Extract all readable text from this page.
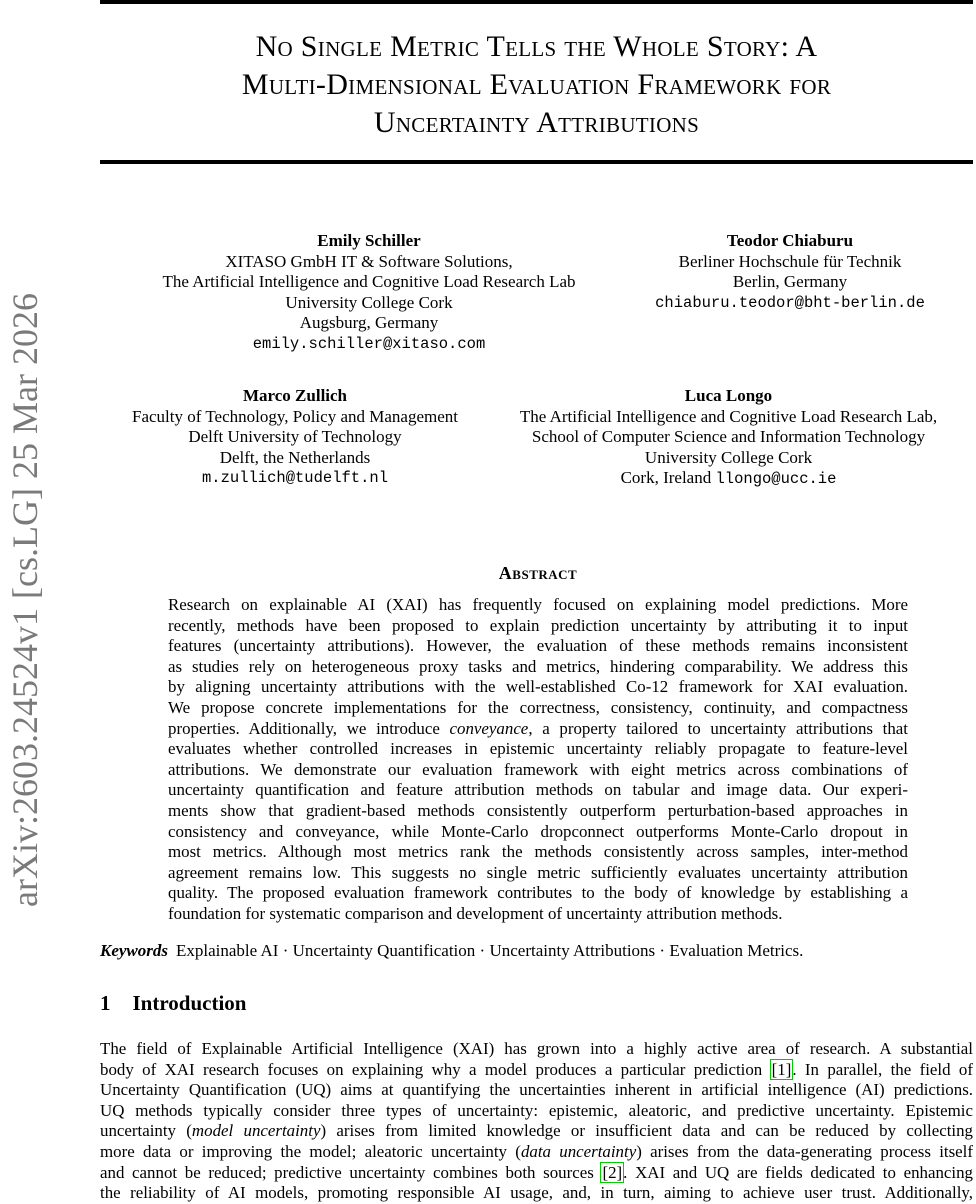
arXiv:2603.24524v1 [cs.LG] 25 Mar 2026
No Single Metric Tells the Whole Story: A
Multi-Dimensional Evaluation Framework for
Uncertainty Attributions
Emily Schiller
XITASO GmbH IT & Software Solutions,
The Artificial Intelligence and Cognitive Load Research Lab
University College Cork
Augsburg, Germany
emily.schiller@xitaso.com
Teodor Chiaburu
Berliner Hochschule für Technik
Berlin, Germany
chiaburu.teodor@bht-berlin.de
Marco Zullich
Faculty of Technology, Policy and Management
Delft University of Technology
Delft, the Netherlands
m.zullich@tudelft.nl
Luca Longo
The Artificial Intelligence and Cognitive Load Research Lab,
School of Computer Science and Information Technology
University College Cork
Cork, Ireland llongo@ucc.ie
Abstract
Research on explainable AI (XAI) has frequently focused on explaining model predictions. More
recently, methods have been proposed to explain prediction uncertainty by attributing it to input
features (uncertainty attributions). However, the evaluation of these methods remains inconsistent
as studies rely on heterogeneous proxy tasks and metrics, hindering comparability. We address this
by aligning uncertainty attributions with the well-established Co-12 framework for XAI evaluation.
We propose concrete implementations for the correctness, consistency, continuity, and compactness
properties. Additionally, we introduce conveyance, a property tailored to uncertainty attributions that
evaluates whether controlled increases in epistemic uncertainty reliably propagate to feature-level
attributions. We demonstrate our evaluation framework with eight metrics across combinations of
uncertainty quantification and feature attribution methods on tabular and image data. Our experi-
ments show that gradient-based methods consistently outperform perturbation-based approaches in
consistency and conveyance, while Monte-Carlo dropconnect outperforms Monte-Carlo dropout in
most metrics. Although most metrics rank the methods consistently across samples, inter-method
agreement remains low. This suggests no single metric sufficiently evaluates uncertainty attribution
quality. The proposed evaluation framework contributes to the body of knowledge by establishing a
foundation for systematic comparison and development of uncertainty attribution methods.
Keywords Explainable AI · Uncertainty Quantification · Uncertainty Attributions · Evaluation Metrics.
1 Introduction
The field of Explainable Artificial Intelligence (XAI) has grown into a highly active area of research. A substantial
body of XAI research focuses on explaining why a model produces a particular prediction [1]. In parallel, the field of
Uncertainty Quantification (UQ) aims at quantifying the uncertainties inherent in artificial intelligence (AI) predictions.
UQ methods typically consider three types of uncertainty: epistemic, aleatoric, and predictive uncertainty. Epistemic
uncertainty (model uncertainty) arises from limited knowledge or insufficient data and can be reduced by collecting
more data or improving the model; aleatoric uncertainty (data uncertainty) arises from the data-generating process itself
and cannot be reduced; predictive uncertainty combines both sources [2]. XAI and UQ are fields dedicated to enhancing
the reliability of AI models, promoting responsible AI usage, and, in turn, aiming to achieve user trust. Additionally,
